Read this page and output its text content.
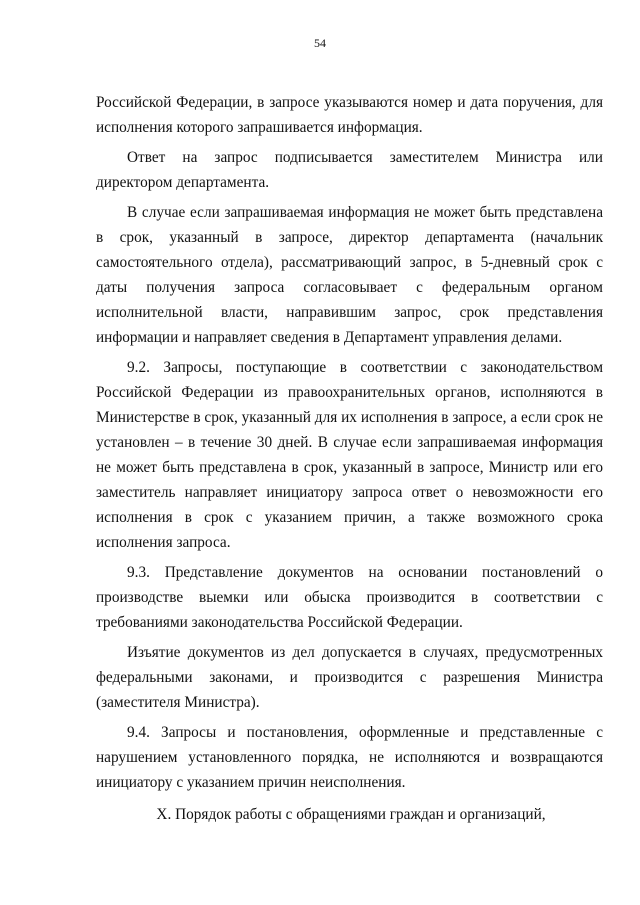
54

Российской Федерации, в запросе указываются номер и дата поручения, для исполнения которого запрашивается информация.

Ответ на запрос подписывается заместителем Министра или директором департамента.

В случае если запрашиваемая информация не может быть представлена в срок, указанный в запросе, директор департамента (начальник самостоятельного отдела), рассматривающий запрос, в 5-дневный срок с даты получения запроса согласовывает с федеральным органом исполнительной власти, направившим запрос, срок представления информации и направляет сведения в Департамент управления делами.

9.2. Запросы, поступающие в соответствии с законодательством Российской Федерации из правоохранительных органов, исполняются в Министерстве в срок, указанный для их исполнения в запросе, а если срок не установлен – в течение 30 дней. В случае если запрашиваемая информация не может быть представлена в срок, указанный в запросе, Министр или его заместитель направляет инициатору запроса ответ о невозможности его исполнения в срок с указанием причин, а также возможного срока исполнения запроса.

9.3. Представление документов на основании постановлений о производстве выемки или обыска производится в соответствии с требованиями законодательства Российской Федерации.

Изъятие документов из дел допускается в случаях, предусмотренных федеральными законами, и производится с разрешения Министра (заместителя Министра).

9.4. Запросы и постановления, оформленные и представленные с нарушением установленного порядка, не исполняются и возвращаются инициатору с указанием причин неисполнения.

X. Порядок работы с обращениями граждан и организаций,
